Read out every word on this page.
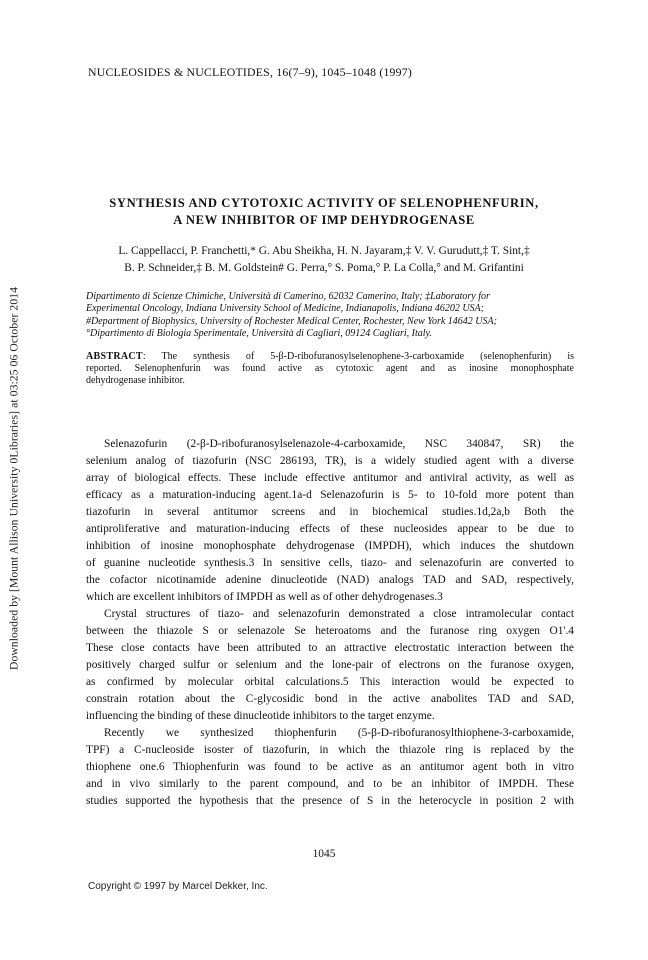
Downloaded by [Mount Allison University 0Libraries] at 03:25 06 October 2014
NUCLEOSIDES & NUCLEOTIDES, 16(7–9), 1045–1048 (1997)
SYNTHESIS AND CYTOTOXIC ACTIVITY OF SELENOPHENFURIN,
A NEW INHIBITOR OF IMP DEHYDROGENASE
L. Cappellacci, P. Franchetti,* G. Abu Sheikha, H. N. Jayaram,‡ V. V. Gurudutt,‡ T. Sint,‡
B. P. Schneider,‡ B. M. Goldstein# G. Perra,° S. Poma,° P. La Colla,° and M. Grifantini
Dipartimento di Scienze Chimiche, Università di Camerino, 62032 Camerino, Italy; ‡Laboratory for
Experimental Oncology, Indiana University School of Medicine, Indianapolis, Indiana 46202 USA;
#Department of Biophysics, University of Rochester Medical Center, Rochester, New York 14642 USA;
°Dipartimento di Biologia Sperimentale, Università di Cagliari, 09124 Cagliari, Italy.
ABSTRACT: The synthesis of 5-β-D-ribofuranosylselenophene-3-carboxamide (selenophenfurin) is
reported. Selenophenfurin was found active as cytotoxic agent and as inosine monophosphate
dehydrogenase inhibitor.
Selenazofurin (2-β-D-ribofuranosylselenazole-4-carboxamide, NSC 340847, SR) the
selenium analog of tiazofurin (NSC 286193, TR), is a widely studied agent with a diverse
array of biological effects. These include effective antitumor and antiviral activity, as well as
efficacy as a maturation-inducing agent.1a-d Selenazofurin is 5- to 10-fold more potent than
tiazofurin in several antitumor screens and in biochemical studies.1d,2a,b Both the
antiproliferative and maturation-inducing effects of these nucleosides appear to be due to
inhibition of inosine monophosphate dehydrogenase (IMPDH), which induces the shutdown
of guanine nucleotide synthesis.3 In sensitive cells, tiazo- and selenazofurin are converted to
the cofactor nicotinamide adenine dinucleotide (NAD) analogs TAD and SAD, respectively,
which are excellent inhibitors of IMPDH as well as of other dehydrogenases.3
Crystal structures of tiazo- and selenazofurin demonstrated a close intramolecular contact
between the thiazole S or selenazole Se heteroatoms and the furanose ring oxygen O1'.4
These close contacts have been attributed to an attractive electrostatic interaction between the
positively charged sulfur or selenium and the lone-pair of electrons on the furanose oxygen,
as confirmed by molecular orbital calculations.5 This interaction would be expected to
constrain rotation about the C-glycosidic bond in the active anabolites TAD and SAD,
influencing the binding of these dinucleotide inhibitors to the target enzyme.
Recently we synthesized thiophenfurin (5-β-D-ribofuranosylthiophene-3-carboxamide,
TPF) a C-nucleoside isoster of tiazofurin, in which the thiazole ring is replaced by the
thiophene one.6 Thiophenfurin was found to be active as an antitumor agent both in vitro
and in vivo similarly to the parent compound, and to be an inhibitor of IMPDH. These
studies supported the hypothesis that the presence of S in the heterocycle in position 2 with
1045
Copyright © 1997 by Marcel Dekker, Inc.
